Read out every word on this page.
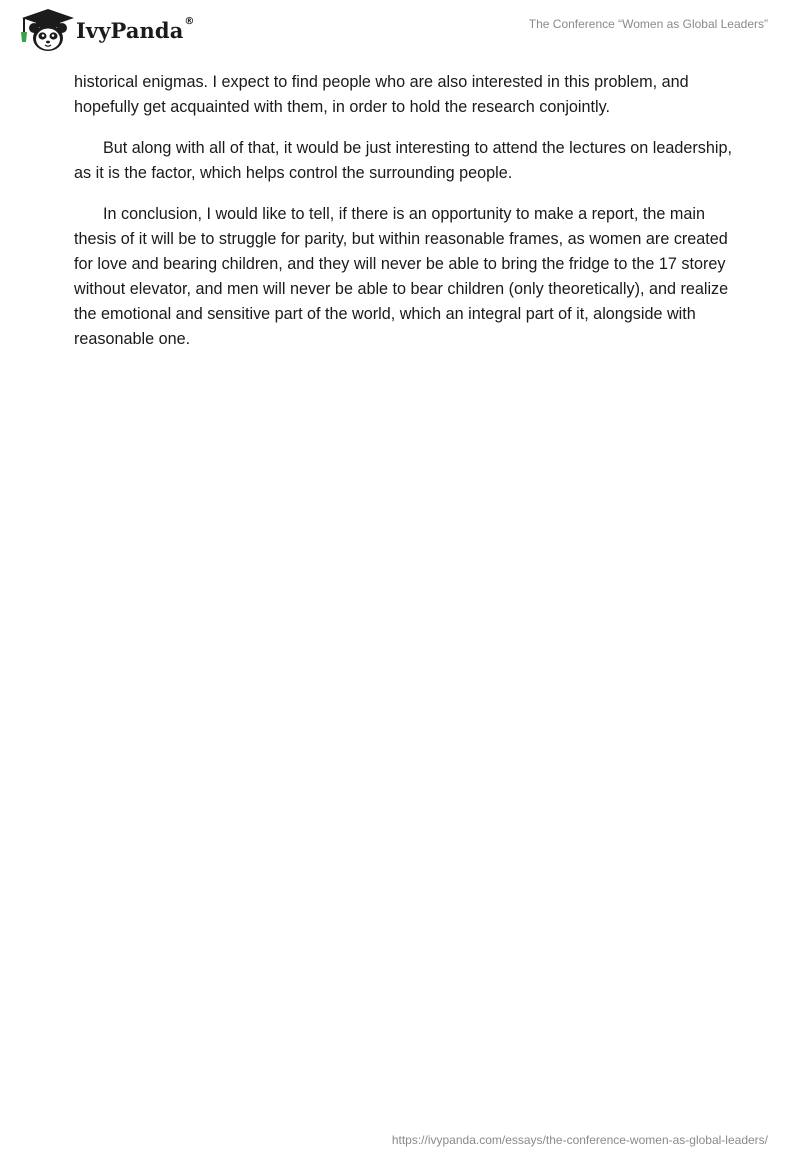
IvyPanda®	The Conference “Women as Global Leaders”

historical enigmas. I expect to find people who are also interested in this problem, and hopefully get acquainted with them, in order to hold the research conjointly.

But along with all of that, it would be just interesting to attend the lectures on leadership, as it is the factor, which helps control the surrounding people.

In conclusion, I would like to tell, if there is an opportunity to make a report, the main thesis of it will be to struggle for parity, but within reasonable frames, as women are created for love and bearing children, and they will never be able to bring the fridge to the 17 storey without elevator, and men will never be able to bear children (only theoretically), and realize the emotional and sensitive part of the world, which an integral part of it, alongside with reasonable one.

https://ivypanda.com/essays/the-conference-women-as-global-leaders/
